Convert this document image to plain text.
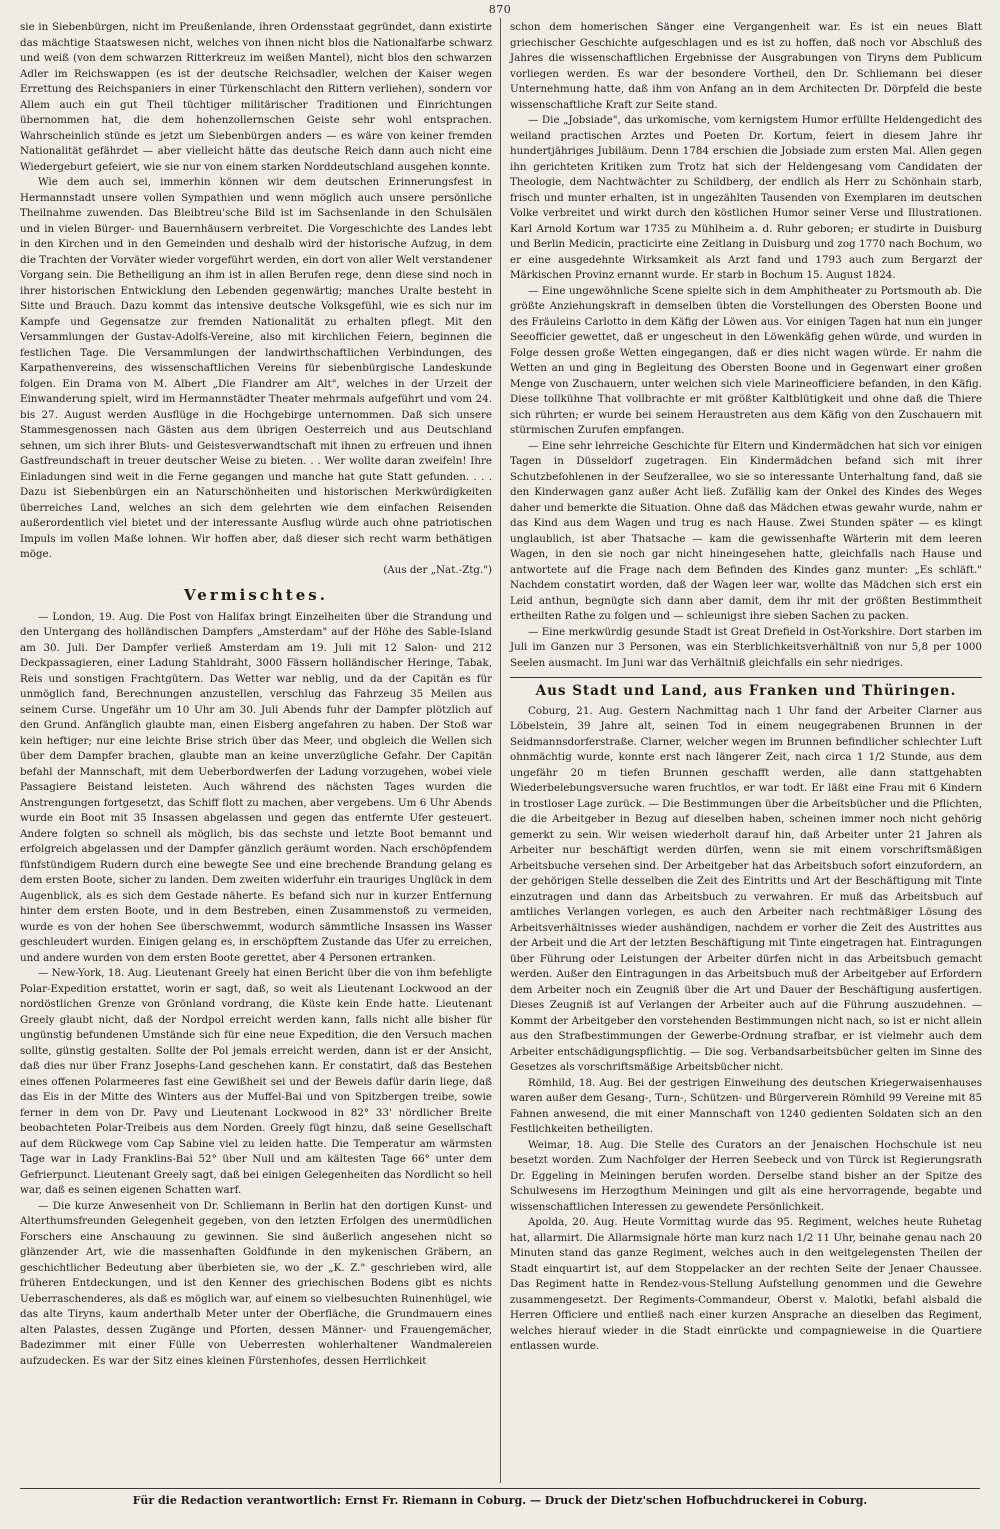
870

sie in Siebenbürgen, nicht im Preußenlande, ihren Ordensstaat gegründet, dann existirte das mächtige Staatswesen nicht, welches von ihnen nicht blos die Nationalfarbe schwarz und weiß (von dem schwarzen Ritterkreuz im weißen Mantel), nicht blos den schwarzen Adler im Reichswappen (es ist der deutsche Reichsadler, welchen der Kaiser wegen Errettung des Reichspaniers in einer Türkenschlacht den Rittern verliehen), sondern vor Allem auch ein gut Theil tüchtiger militärischer Traditionen und Einrichtungen übernommen hat, die dem hohenzollernschen Geiste sehr wohl entsprachen. Wahrscheinlich stünde es jetzt um Siebenbürgen anders — es wäre von keiner fremden Nationalität gefährdet — aber vielleicht hätte das deutsche Reich dann auch nicht eine Wiedergeburt gefeiert, wie sie nur von einem starken Norddeutschland ausgehen konnte.

Wie dem auch sei, immerhin können wir dem deutschen Erinnerungsfest in Hermannstadt unsere vollen Sympathien und wenn möglich auch unsere persönliche Theilnahme zuwenden. Das Bleibtreu'sche Bild ist im Sachsenlande in den Schulsälen und in vielen Bürger- und Bauernhäusern verbreitet. Die Vorgeschichte des Landes lebt in den Kirchen und in den Gemeinden und deshalb wird der historische Aufzug, in dem die Trachten der Vorväter wieder vorgeführt werden, ein dort von aller Welt verstandener Vorgang sein. Die Betheiligung an ihm ist in allen Berufen rege, denn diese sind noch in ihrer historischen Entwicklung den Lebenden gegenwärtig; manches Uralte besteht in Sitte und Brauch. Dazu kommt das intensive deutsche Volksgefühl, wie es sich nur im Kampfe und Gegensatze zur fremden Nationalität zu erhalten pflegt. Mit den Versammlungen der Gustav-Adolfs-Vereine, also mit kirchlichen Feiern, beginnen die festlichen Tage. Die Versammlungen der landwirthschaftlichen Verbindungen, des Karpathenvereins, des wissenschaftlichen Vereins für siebenbürgische Landeskunde folgen. Ein Drama von M. Albert „Die Flandrer am Alt", welches in der Urzeit der Einwanderung spielt, wird im Hermannstädter Theater mehrmals aufgeführt und vom 24. bis 27. August werden Ausflüge in die Hochgebirge unternommen. Daß sich unsere Stammesgenossen nach Gästen aus dem übrigen Oesterreich und aus Deutschland sehnen, um sich ihrer Bluts- und Geistesverwandtschaft mit ihnen zu erfreuen und ihnen Gastfreundschaft in treuer deutscher Weise zu bieten. . . Wer wollte daran zweifeln! Ihre Einladungen sind weit in die Ferne gegangen und manche hat gute Statt gefunden. . . . Dazu ist Siebenbürgen ein an Naturschönheiten und historischen Merkwürdigkeiten überreiches Land, welches an sich dem gelehrten wie dem einfachen Reisenden außerordentlich viel bietet und der interessante Ausflug würde auch ohne patriotischen Impuls im vollen Maße lohnen. Wir hoffen aber, daß dieser sich recht warm bethätigen möge.

(Aus der „Nat.-Ztg.")

Vermischtes.

— London, 19. Aug. Die Post von Halifax bringt Einzelheiten über die Strandung und den Untergang des holländischen Dampfers „Amsterdam" auf der Höhe des Sable-Island am 30. Juli. Der Dampfer verließ Amsterdam am 19. Juli mit 12 Salon- und 212 Deckpassagieren, einer Ladung Stahldraht, 3000 Fässern holländischer Heringe, Tabak, Reis und sonstigen Frachtgütern. Das Wetter war neblig, und da der Capitän es für unmöglich fand, Berechnungen anzustellen, verschlug das Fahrzeug 35 Meilen aus seinem Curse. Ungefähr um 10 Uhr am 30. Juli Abends fuhr der Dampfer plötzlich auf den Grund. Anfänglich glaubte man, einen Eisberg angefahren zu haben. Der Stoß war kein heftiger; nur eine leichte Brise strich über das Meer, und obgleich die Wellen sich über dem Dampfer brachen, glaubte man an keine unverzügliche Gefahr. Der Capitän befahl der Mannschaft, mit dem Ueberbordwerfen der Ladung vorzugehen, wobei viele Passagiere Beistand leisteten. Auch während des nächsten Tages wurden die Anstrengungen fortgesetzt, das Schiff flott zu machen, aber vergebens. Um 6 Uhr Abends wurde ein Boot mit 35 Insassen abgelassen und gegen das entfernte Ufer gesteuert. Andere folgten so schnell als möglich, bis das sechste und letzte Boot bemannt und erfolgreich abgelassen und der Dampfer gänzlich geräumt worden. Nach erschöpfendem fünfstündigem Rudern durch eine bewegte See und eine brechende Brandung gelang es dem ersten Boote, sicher zu landen. Dem zweiten widerfuhr ein trauriges Unglück in dem Augenblick, als es sich dem Gestade näherte. Es befand sich nur in kurzer Entfernung hinter dem ersten Boote, und in dem Bestreben, einen Zusammenstoß zu vermeiden, wurde es von der hohen See überschwemmt, wodurch sämmtliche Insassen ins Wasser geschleudert wurden. Einigen gelang es, in erschöpftem Zustande das Ufer zu erreichen, und andere wurden von dem ersten Boote gerettet, aber 4 Personen ertranken.

— New-York, 18. Aug. Lieutenant Greely hat einen Bericht über die von ihm befehligte Polar-Expedition erstattet, worin er sagt, daß, so weit als Lieutenant Lockwood an der nordöstlichen Grenze von Grönland vordrang, die Küste kein Ende hatte. Lieutenant Greely glaubt nicht, daß der Nordpol erreicht werden kann, falls nicht alle bisher für ungünstig befundenen Umstände sich für eine neue Expedition, die den Versuch machen sollte, günstig gestalten. Sollte der Pol jemals erreicht werden, dann ist er der Ansicht, daß dies nur über Franz Josephs-Land geschehen kann. Er constatirt, daß das Bestehen eines offenen Polarmeeres fast eine Gewißheit sei und der Beweis dafür darin liege, daß das Eis in der Mitte des Winters aus der Muffel-Bai und von Spitzbergen treibe, sowie ferner in dem von Dr. Pavy und Lieutenant Lockwood in 82° 33' nördlicher Breite beobachteten Polar-Treibeis aus dem Norden. Greely fügt hinzu, daß seine Gesellschaft auf dem Rückwege vom Cap Sabine viel zu leiden hatte. Die Temperatur am wärmsten Tage war in Lady Franklins-Bai 52° über Null und am kältesten Tage 66° unter dem Gefrierpunct. Lieutenant Greely sagt, daß bei einigen Gelegenheiten das Nordlicht so hell war, daß es seinen eigenen Schatten warf.

— Die kurze Anwesenheit von Dr. Schliemann in Berlin hat den dortigen Kunst- und Alterthumsfreunden Gelegenheit gegeben, von den letzten Erfolgen des unermüdlichen Forschers eine Anschauung zu gewinnen. Sie sind äußerlich angesehen nicht so glänzender Art, wie die massenhaften Goldfunde in den mykenischen Gräbern, an geschichtlicher Bedeutung aber überbieten sie, wo der „K. Z." geschrieben wird, alle früheren Entdeckungen, und ist den Kenner des griechischen Bodens gibt es nichts Ueberraschenderes, als daß es möglich war, auf einem so vielbesuchten Ruinenhügel, wie das alte Tiryns, kaum anderthalb Meter unter der Oberfläche, die Grundmauern eines alten Palastes, dessen Zugänge und Pforten, dessen Männer- und Frauengemächer, Badezimmer mit einer Fülle von Ueberresten wohlerhaltener Wandmalereien aufzudecken. Es war der Sitz eines kleinen Fürstenhofes, dessen Herrlichkeit

schon dem homerischen Sänger eine Vergangenheit war. Es ist ein neues Blatt griechischer Geschichte aufgeschlagen und es ist zu hoffen, daß noch vor Abschluß des Jahres die wissenschaftlichen Ergebnisse der Ausgrabungen von Tiryns dem Publicum vorliegen werden. Es war der besondere Vortheil, den Dr. Schliemann bei dieser Unternehmung hatte, daß ihm von Anfang an in dem Architecten Dr. Dörpfeld die beste wissenschaftliche Kraft zur Seite stand.

— Die „Jobsiade", das urkomische, vom kernigstem Humor erfüllte Heldengedicht des weiland practischen Arztes und Poeten Dr. Kortum, feiert in diesem Jahre ihr hundertjähriges Jubiläum. Denn 1784 erschien die Jobsiade zum ersten Mal. Allen gegen ihn gerichteten Kritiken zum Trotz hat sich der Heldengesang vom Candidaten der Theologie, dem Nachtwächter zu Schildberg, der endlich als Herr zu Schönhain starb, frisch und munter erhalten, ist in ungezählten Tausenden von Exemplaren im deutschen Volke verbreitet und wirkt durch den köstlichen Humor seiner Verse und Illustrationen. Karl Arnold Kortum war 1735 zu Mühlheim a. d. Ruhr geboren; er studirte in Duisburg und Berlin Medicin, practicirte eine Zeitlang in Duisburg und zog 1770 nach Bochum, wo er eine ausgedehnte Wirksamkeit als Arzt fand und 1793 auch zum Bergarzt der Märkischen Provinz ernannt wurde. Er starb in Bochum 15. August 1824.

— Eine ungewöhnliche Scene spielte sich in dem Amphitheater zu Portsmouth ab. Die größte Anziehungskraft in demselben übten die Vorstellungen des Obersten Boone und des Fräuleins Carlotto in dem Käfig der Löwen aus. Vor einigen Tagen hat nun ein junger Seeofficier gewettet, daß er ungescheut in den Löwenkäfig gehen würde, und wurden in Folge dessen große Wetten eingegangen, daß er dies nicht wagen würde. Er nahm die Wetten an und ging in Begleitung des Obersten Boone und in Gegenwart einer großen Menge von Zuschauern, unter welchen sich viele Marineofficiere befanden, in den Käfig. Diese tollkühne That vollbrachte er mit größter Kaltblütigkeit und ohne daß die Thiere sich rührten; er wurde bei seinem Heraustreten aus dem Käfig von den Zuschauern mit stürmischen Zurufen empfangen.

— Eine sehr lehrreiche Geschichte für Eltern und Kindermädchen hat sich vor einigen Tagen in Düsseldorf zugetragen. Ein Kindermädchen befand sich mit ihrer Schutzbefohlenen in der Seufzerallee, wo sie so interessante Unterhaltung fand, daß sie den Kinderwagen ganz außer Acht ließ. Zufällig kam der Onkel des Kindes des Weges daher und bemerkte die Situation. Ohne daß das Mädchen etwas gewahr wurde, nahm er das Kind aus dem Wagen und trug es nach Hause. Zwei Stunden später — es klingt unglaublich, ist aber Thatsache — kam die gewissenhafte Wärterin mit dem leeren Wagen, in den sie noch gar nicht hineingesehen hatte, gleichfalls nach Hause und antwortete auf die Frage nach dem Befinden des Kindes ganz munter: „Es schläft." Nachdem constatirt worden, daß der Wagen leer war, wollte das Mädchen sich erst ein Leid anthun, begnügte sich dann aber damit, dem ihr mit der größten Bestimmtheit ertheilten Rathe zu folgen und — schleunigst ihre sieben Sachen zu packen.

— Eine merkwürdig gesunde Stadt ist Great Drefield in Ost-Yorkshire. Dort starben im Juli im Ganzen nur 3 Personen, was ein Sterblichkeitsverhältniß von nur 5,8 per 1000 Seelen ausmacht. Im Juni war das Verhältniß gleichfalls ein sehr niedriges.

Aus Stadt und Land, aus Franken und Thüringen.

Coburg, 21. Aug. Gestern Nachmittag nach 1 Uhr fand der Arbeiter Clarner aus Löbelstein, 39 Jahre alt, seinen Tod in einem neugegrabenen Brunnen in der Seidmannsdorferstraße. Clarner, welcher wegen im Brunnen befindlicher schlechter Luft ohnmächtig wurde, konnte erst nach längerer Zeit, nach circa 1 1/2 Stunde, aus dem ungefähr 20 m tiefen Brunnen geschafft werden, alle dann stattgehabten Wiederbelebungsversuche waren fruchtlos, er war todt. Er läßt eine Frau mit 6 Kindern in trostloser Lage zurück. — Die Bestimmungen über die Arbeitsbücher und die Pflichten, die die Arbeitgeber in Bezug auf dieselben haben, scheinen immer noch nicht gehörig gemerkt zu sein. Wir weisen wiederholt darauf hin, daß Arbeiter unter 21 Jahren als Arbeiter nur beschäftigt werden dürfen, wenn sie mit einem vorschriftsmäßigen Arbeitsbuche versehen sind. Der Arbeitgeber hat das Arbeitsbuch sofort einzufordern, an der gehörigen Stelle desselben die Zeit des Eintritts und Art der Beschäftigung mit Tinte einzutragen und dann das Arbeitsbuch zu verwahren. Er muß das Arbeitsbuch auf amtliches Verlangen vorlegen, es auch den Arbeiter nach rechtmäßiger Lösung des Arbeitsverhältnisses wieder aushändigen, nachdem er vorher die Zeit des Austrittes aus der Arbeit und die Art der letzten Beschäftigung mit Tinte eingetragen hat. Eintragungen über Führung oder Leistungen der Arbeiter dürfen nicht in das Arbeitsbuch gemacht werden. Außer den Eintragungen in das Arbeitsbuch muß der Arbeitgeber auf Erfordern dem Arbeiter noch ein Zeugniß über die Art und Dauer der Beschäftigung ausfertigen. Dieses Zeugniß ist auf Verlangen der Arbeiter auch auf die Führung auszudehnen. — Kommt der Arbeitgeber den vorstehenden Bestimmungen nicht nach, so ist er nicht allein aus den Strafbestimmungen der Gewerbe-Ordnung strafbar, er ist vielmehr auch dem Arbeiter entschädigungspflichtig. — Die sog. Verbandsarbeitsbücher gelten im Sinne des Gesetzes als vorschriftsmäßige Arbeitsbücher nicht.

Römhild, 18. Aug. Bei der gestrigen Einweihung des deutschen Kriegerwaisenhauses waren außer dem Gesang-, Turn-, Schützen- und Bürgerverein Römhild 99 Vereine mit 85 Fahnen anwesend, die mit einer Mannschaft von 1240 gedienten Soldaten sich an den Festlichkeiten betheiligten.

Weimar, 18. Aug. Die Stelle des Curators an der Jenaischen Hochschule ist neu besetzt worden. Zum Nachfolger der Herren Seebeck und von Türck ist Regierungsrath Dr. Eggeling in Meiningen berufen worden. Derselbe stand bisher an der Spitze des Schulwesens im Herzogthum Meiningen und gilt als eine hervorragende, begabte und wissenschaftlichen Interessen zu gewendete Persönlichkeit.

Apolda, 20. Aug. Heute Vormittag wurde das 95. Regiment, welches heute Ruhetag hat, allarmirt. Die Allarmsignale hörte man kurz nach 1/2 11 Uhr, beinahe genau nach 20 Minuten stand das ganze Regiment, welches auch in den weitgelegensten Theilen der Stadt einquartirt ist, auf dem Stoppelacker an der rechten Seite der Jenaer Chaussee. Das Regiment hatte in Rendez-vous-Stellung Aufstellung genommen und die Gewehre zusammengesetzt. Der Regiments-Commandeur, Oberst v. Malotki, befahl alsbald die Herren Officiere und entließ nach einer kurzen Ansprache an dieselben das Regiment, welches hierauf wieder in die Stadt einrückte und compagnieweise in die Quartiere entlassen wurde.

Für die Redaction verantwortlich: Ernst Fr. Riemann in Coburg. — Druck der Dietz'schen Hofbuchdruckerei in Coburg.
